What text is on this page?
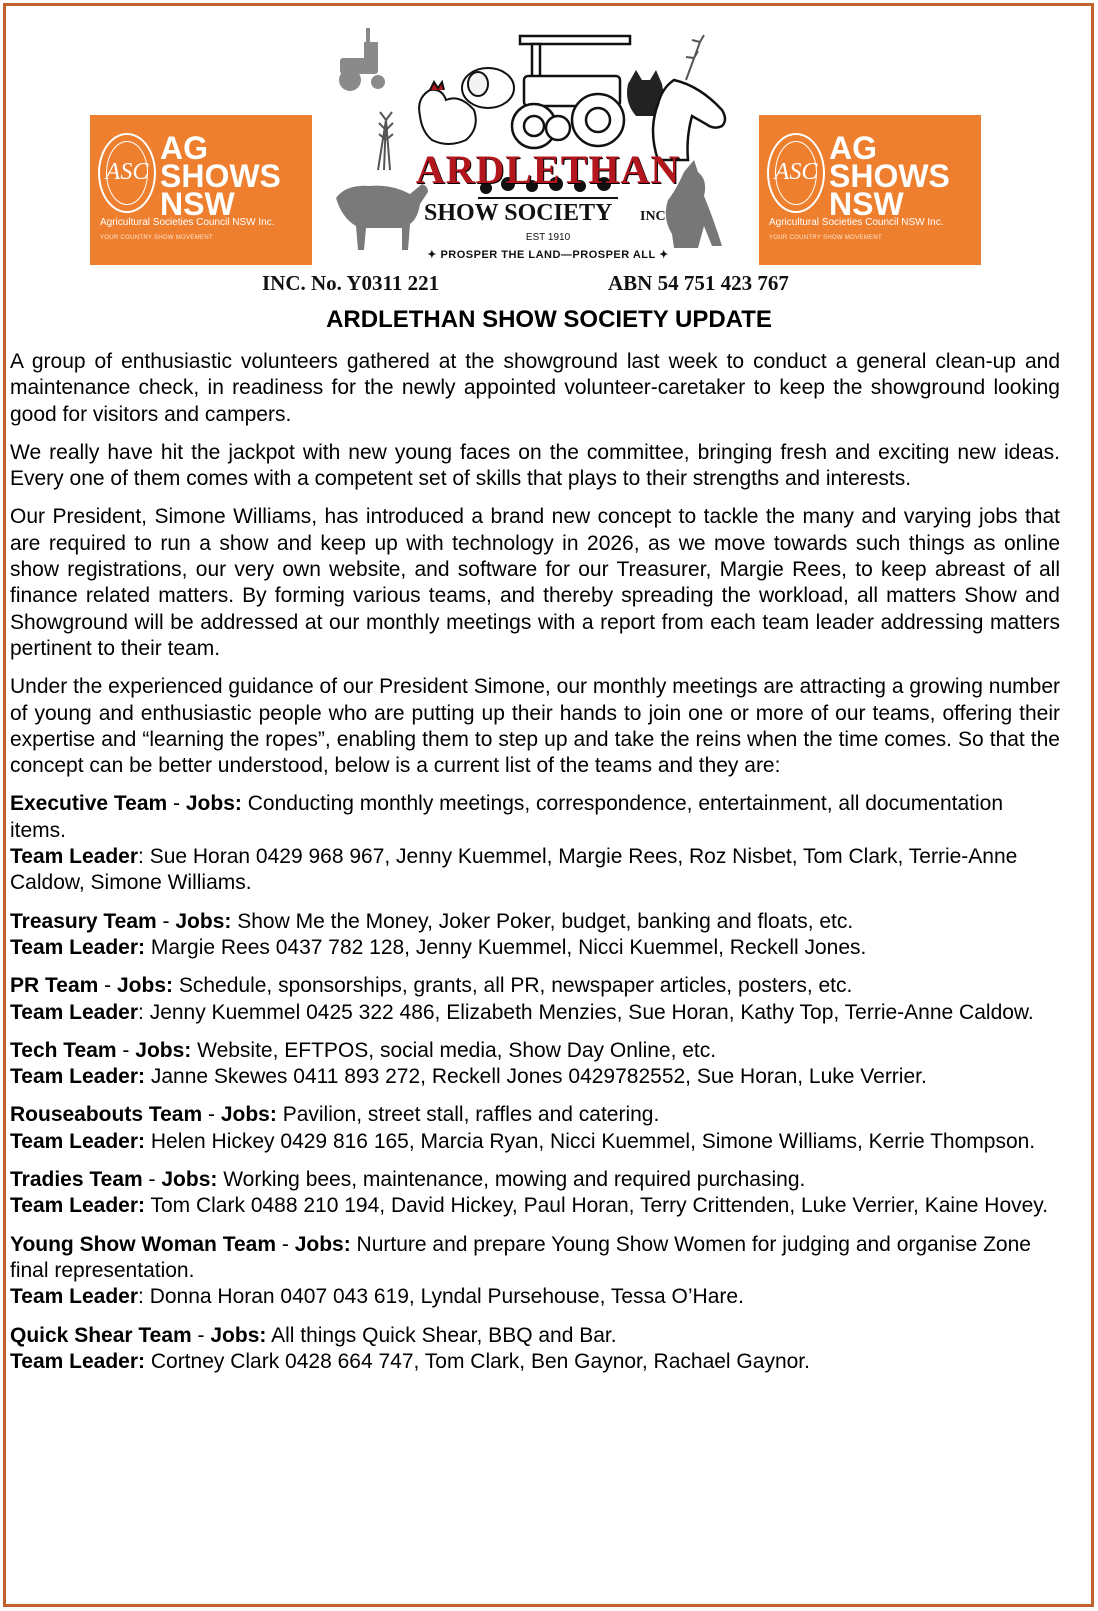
ASC
AG
SHOWS
NSW
Agricultural Societies Council NSW Inc.
YOUR COUNTRY SHOW MOVEMENT
ASC
AG
SHOWS
NSW
Agricultural Societies Council NSW Inc.
YOUR COUNTRY SHOW MOVEMENT
ARDLETHAN
SHOW SOCIETY INC
EST 1910
✦ PROSPER THE LAND—PROSPER ALL ✦
INC. No. Y0311 221	ABN 54 751 423 767
ARDLETHAN SHOW SOCIETY UPDATE

A group of enthusiastic volunteers gathered at the showground last week to conduct a general clean-up and maintenance check, in readiness for the newly appointed volunteer-caretaker to keep the showground looking good for visitors and campers.

We really have hit the jackpot with new young faces on the committee, bringing fresh and exciting new ideas. Every one of them comes with a competent set of skills that plays to their strengths and interests.

Our President, Simone Williams, has introduced a brand new concept to tackle the many and varying jobs that are required to run a show and keep up with technology in 2026, as we move towards such things as online show registrations, our very own website, and software for our Treasurer, Margie Rees, to keep abreast of all finance related matters. By forming various teams, and thereby spreading the workload, all matters Show and Showground will be addressed at our monthly meetings with a report from each team leader addressing matters pertinent to their team.

Under the experienced guidance of our President Simone, our monthly meetings are attracting a growing number of young and enthusiastic people who are putting up their hands to join one or more of our teams, offering their expertise and “learning the ropes”, enabling them to step up and take the reins when the time comes. So that the concept can be better understood, below is a current list of the teams and they are:

Executive Team - Jobs: Conducting monthly meetings, correspondence, entertainment, all documentation items.
Team Leader: Sue Horan 0429 968 967, Jenny Kuemmel, Margie Rees, Roz Nisbet, Tom Clark, Terrie-Anne Caldow, Simone Williams.
Treasury Team - Jobs: Show Me the Money, Joker Poker, budget, banking and floats, etc.
Team Leader: Margie Rees 0437 782 128, Jenny Kuemmel, Nicci Kuemmel, Reckell Jones.
PR Team - Jobs: Schedule, sponsorships, grants, all PR, newspaper articles, posters, etc.
Team Leader: Jenny Kuemmel 0425 322 486, Elizabeth Menzies, Sue Horan, Kathy Top, Terrie-Anne Caldow.
Tech Team - Jobs: Website, EFTPOS, social media, Show Day Online, etc.
Team Leader: Janne Skewes 0411 893 272, Reckell Jones 0429782552, Sue Horan, Luke Verrier.
Rouseabouts Team - Jobs: Pavilion, street stall, raffles and catering.
Team Leader: Helen Hickey 0429 816 165, Marcia Ryan, Nicci Kuemmel, Simone Williams, Kerrie Thompson.
Tradies Team - Jobs: Working bees, maintenance, mowing and required purchasing.
Team Leader: Tom Clark 0488 210 194, David Hickey, Paul Horan, Terry Crittenden, Luke Verrier, Kaine Hovey.
Young Show Woman Team - Jobs: Nurture and prepare Young Show Women for judging and organise Zone final representation.
Team Leader: Donna Horan 0407 043 619, Lyndal Pursehouse, Tessa O’Hare.
Quick Shear Team - Jobs: All things Quick Shear, BBQ and Bar.
Team Leader: Cortney Clark 0428 664 747, Tom Clark, Ben Gaynor, Rachael Gaynor.
